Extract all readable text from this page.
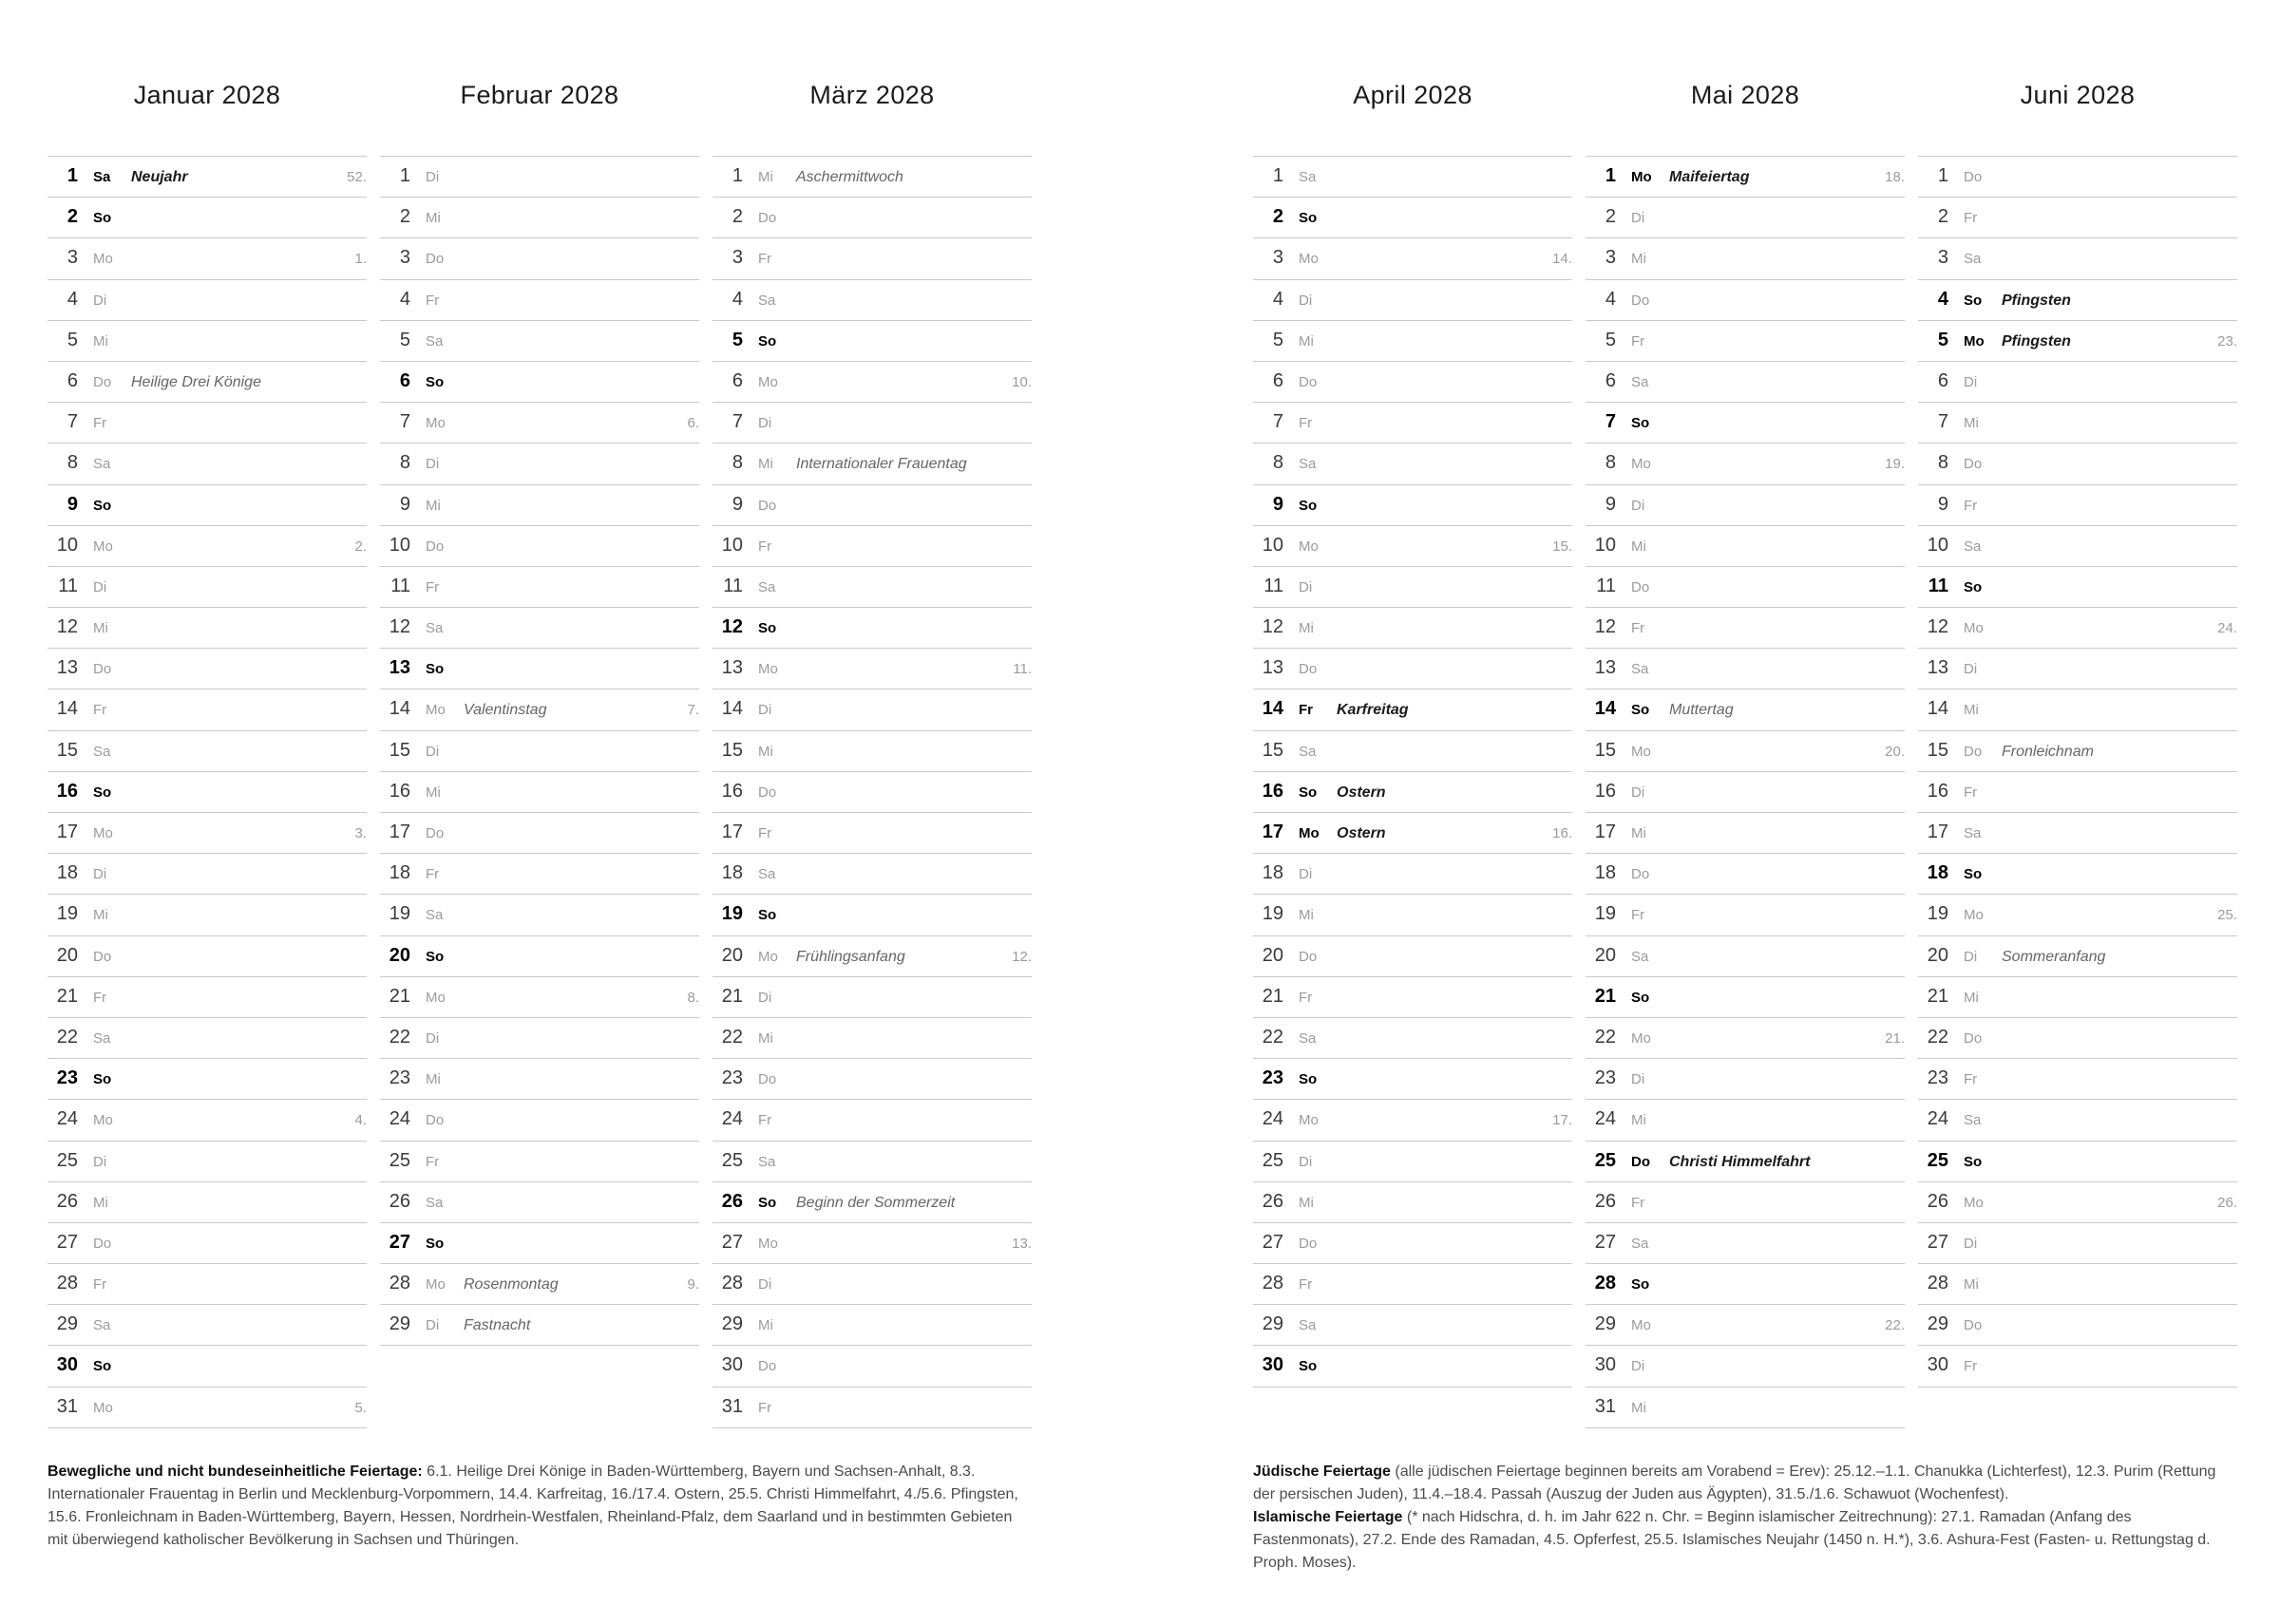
Januar 2028
1 Sa	Neujahr	52.
2 So
3 Mo	1.
4 Di
5 Mi
6 Do	Heilige Drei Könige
7 Fr
8 Sa
9 So
10 Mo	2.
11 Di
12 Mi
13 Do
14 Fr
15 Sa
16 So
17 Mo	3.
18 Di
19 Mi
20 Do
21 Fr
22 Sa
23 So
24 Mo	4.
25 Di
26 Mi
27 Do
28 Fr
29 Sa
30 So
31 Mo	5.
Februar 2028
1 Di
2 Mi
3 Do
4 Fr
5 Sa
6 So
7 Mo	6.
8 Di
9 Mi
10 Do
11 Fr
12 Sa
13 So
14 Mo	Valentinstag	7.
15 Di
16 Mi
17 Do
18 Fr
19 Sa
20 So
21 Mo	8.
22 Di
23 Mi
24 Do
25 Fr
26 Sa
27 So
28 Mo	Rosenmontag	9.
29 Di	Fastnacht
März 2028
1 Mi	Aschermittwoch
2 Do
3 Fr
4 Sa
5 So
6 Mo	10.
7 Di
8 Mi	Internationaler Frauentag
9 Do
10 Fr
11 Sa
12 So
13 Mo	11.
14 Di
15 Mi
16 Do
17 Fr
18 Sa
19 So
20 Mo	Frühlingsanfang	12.
21 Di
22 Mi
23 Do
24 Fr
25 Sa
26 So	Beginn der Sommerzeit
27 Mo	13.
28 Di
29 Mi
30 Do
31 Fr
April 2028
1 Sa
2 So
3 Mo	14.
4 Di
5 Mi
6 Do
7 Fr
8 Sa
9 So
10 Mo	15.
11 Di
12 Mi
13 Do
14 Fr	Karfreitag
15 Sa
16 So	Ostern
17 Mo	Ostern	16.
18 Di
19 Mi
20 Do
21 Fr
22 Sa
23 So
24 Mo	17.
25 Di
26 Mi
27 Do
28 Fr
29 Sa
30 So
Mai 2028
1 Mo	Maifeiertag	18.
2 Di
3 Mi
4 Do
5 Fr
6 Sa
7 So
8 Mo	19.
9 Di
10 Mi
11 Do
12 Fr
13 Sa
14 So	Muttertag
15 Mo	20.
16 Di
17 Mi
18 Do
19 Fr
20 Sa
21 So
22 Mo	21.
23 Di
24 Mi
25 Do	Christi Himmelfahrt
26 Fr
27 Sa
28 So
29 Mo	22.
30 Di
31 Mi
Juni 2028
1 Do
2 Fr
3 Sa
4 So	Pfingsten
5 Mo	Pfingsten	23.
6 Di
7 Mi
8 Do
9 Fr
10 Sa
11 So
12 Mo	24.
13 Di
14 Mi
15 Do	Fronleichnam
16 Fr
17 Sa
18 So
19 Mo	25.
20 Di	Sommeranfang
21 Mi
22 Do
23 Fr
24 Sa
25 So
26 Mo	26.
27 Di
28 Mi
29 Do
30 Fr

Bewegliche und nicht bundeseinheitliche Feiertage: 6.1. Heilige Drei Könige in Baden-Württemberg, Bayern und Sachsen-Anhalt, 8.3. Internationaler Frauentag in Berlin und Mecklenburg-Vorpommern, 14.4. Karfreitag, 16./17.4. Ostern, 25.5. Christi Himmelfahrt, 4./5.6. Pfingsten, 15.6. Fronleichnam in Baden-Württemberg, Bayern, Hessen, Nordrhein-Westfalen, Rheinland-Pfalz, dem Saarland und in bestimmten Gebieten mit überwiegend katholischer Bevölkerung in Sachsen und Thüringen.

Jüdische Feiertage (alle jüdischen Feiertage beginnen bereits am Vorabend = Erev): 25.12.–1.1. Chanukka (Lichterfest), 12.3. Purim (Rettung der persischen Juden), 11.4.–18.4. Passah (Auszug der Juden aus Ägypten), 31.5./1.6. Schawuot (Wochenfest).

Islamische Feiertage (* nach Hidschra, d. h. im Jahr 622 n. Chr. = Beginn islamischer Zeitrechnung): 27.1. Ramadan (Anfang des Fastenmonats), 27.2. Ende des Ramadan, 4.5. Opferfest, 25.5. Islamisches Neujahr (1450 n. H.*), 3.6. Ashura-Fest (Fasten- u. Rettungstag d. Proph. Moses).
